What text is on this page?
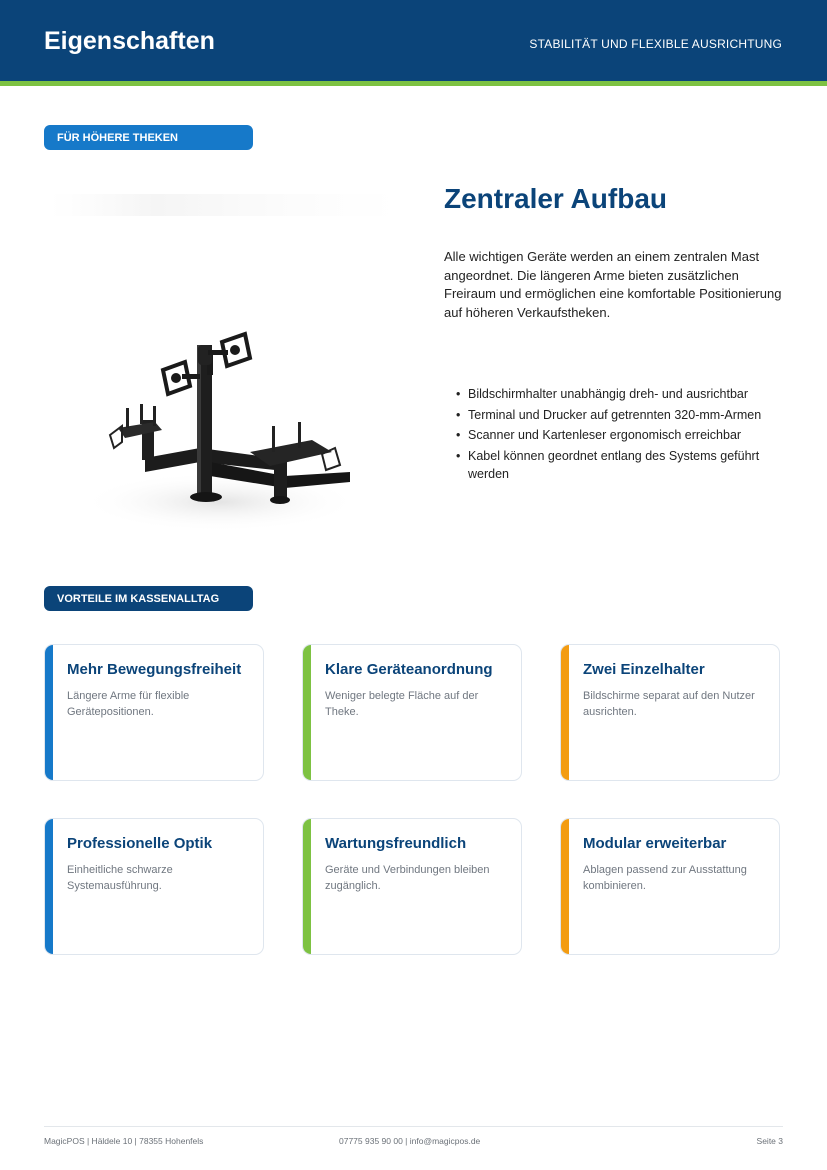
Eigenschaften	STABILITÄT UND FLEXIBLE AUSRICHTUNG
FÜR HÖHERE THEKEN
Zentraler Aufbau
Alle wichtigen Geräte werden an einem zentralen Mast angeordnet. Die längeren Arme bieten zusätzlichen Freiraum und ermöglichen eine komfortable Positionierung auf höheren Verkaufstheken.
• Bildschirmhalter unabhängig dreh- und ausrichtbar
• Terminal und Drucker auf getrennten 320-mm-Armen
• Scanner und Kartenleser ergonomisch erreichbar
• Kabel können geordnet entlang des Systems geführt werden
VORTEILE IM KASSENALLTAG
Mehr Bewegungsfreiheit
Längere Arme für flexible Gerätepositionen.
Klare Geräteanordnung
Weniger belegte Fläche auf der Theke.
Zwei Einzelhalter
Bildschirme separat auf den Nutzer ausrichten.
Professionelle Optik
Einheitliche schwarze Systemausführung.
Wartungsfreundlich
Geräte und Verbindungen bleiben zugänglich.
Modular erweiterbar
Ablagen passend zur Ausstattung kombinieren.
MagicPOS | Häldele 10 | 78355 Hohenfels	07775 935 90 00 | info@magicpos.de	Seite 3
